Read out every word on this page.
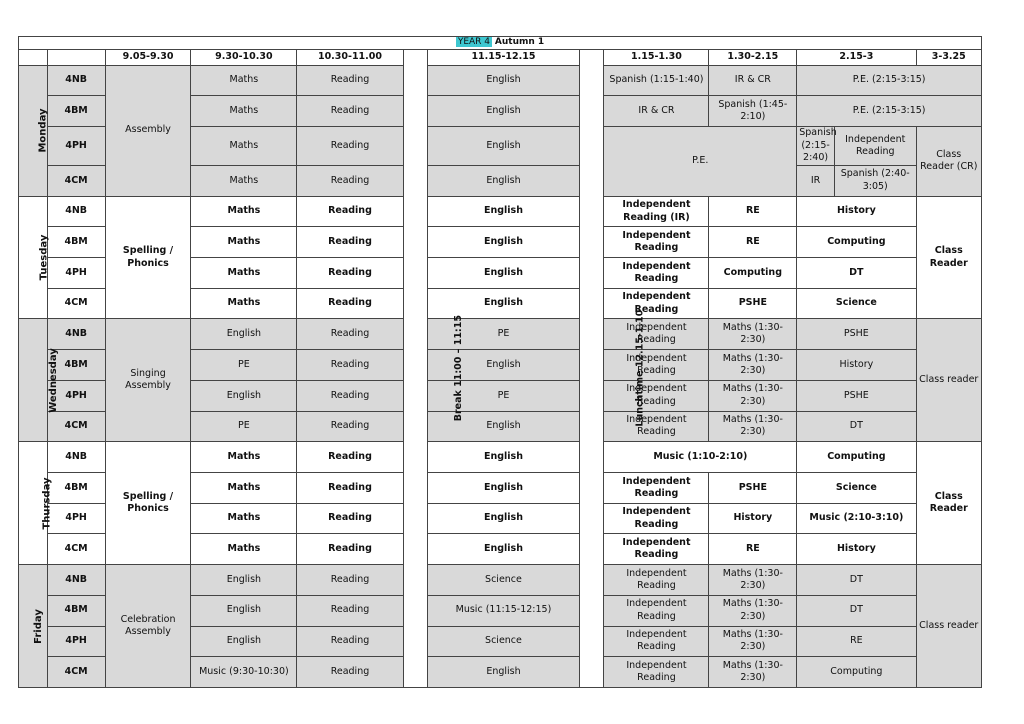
YEAR 4 Autumn 1												
		9.05-9.30	9.30-10.30	10.30-11.00	Break 11:00 – 11:15	11.15-12.15	Lunchtime 12.15-1.10	1.15-1.30	1.30-2.15	2.15-3		3-3.25
Monday	4NB	Assembly	Maths	Reading		English		Spanish (1:15-1:40)	IR & CR	P.E. (2:15-3:15)		
	4BM		Maths	Reading		English		IR & CR	Spanish (1:45-2:10)	P.E. (2:15-3:15)		
	4PH		Maths	Reading		English		P.E.		Spanish (2:15-2:40)	Independent Reading	Class Reader (CR)
	4CM		Maths	Reading		English				IR	Spanish (2:40-3:05)	
Tuesday	4NB	Spelling / Phonics	Maths	Reading		English		Independent Reading (IR)	RE	History		Class Reader
	4BM		Maths	Reading		English		Independent Reading	RE	Computing		
	4PH		Maths	Reading		English		Independent Reading	Computing	DT		
	4CM		Maths	Reading		English		Independent Reading	PSHE	Science		
Wednesday	4NB	Singing Assembly	English	Reading		PE		Independent Reading	Maths (1:30-2:30)	PSHE		Class reader
	4BM		PE	Reading		English		Independent Reading	Maths (1:30-2:30)	History		
	4PH		English	Reading		PE		Independent Reading	Maths (1:30-2:30)	PSHE		
	4CM		PE	Reading		English		Independent Reading	Maths (1:30-2:30)	DT		
Thursday	4NB	Spelling / Phonics	Maths	Reading		English		Music (1:10-2:10)		Computing		Class Reader
	4BM		Maths	Reading		English		Independent Reading	PSHE	Science		
	4PH		Maths	Reading		English		Independent Reading	History	Music (2:10-3:10)		
	4CM		Maths	Reading		English		Independent Reading	RE	History		
Friday	4NB	Celebration Assembly	English	Reading		Science		Independent Reading	Maths (1:30-2:30)	DT		Class reader
	4BM		English	Reading		Music (11:15-12:15)		Independent Reading	Maths (1:30-2:30)	DT		
	4PH		English	Reading		Science		Independent Reading	Maths (1:30-2:30)	RE		
	4CM		Music (9:30-10:30)	Reading		English		Independent Reading	Maths (1:30-2:30)	Computing		
